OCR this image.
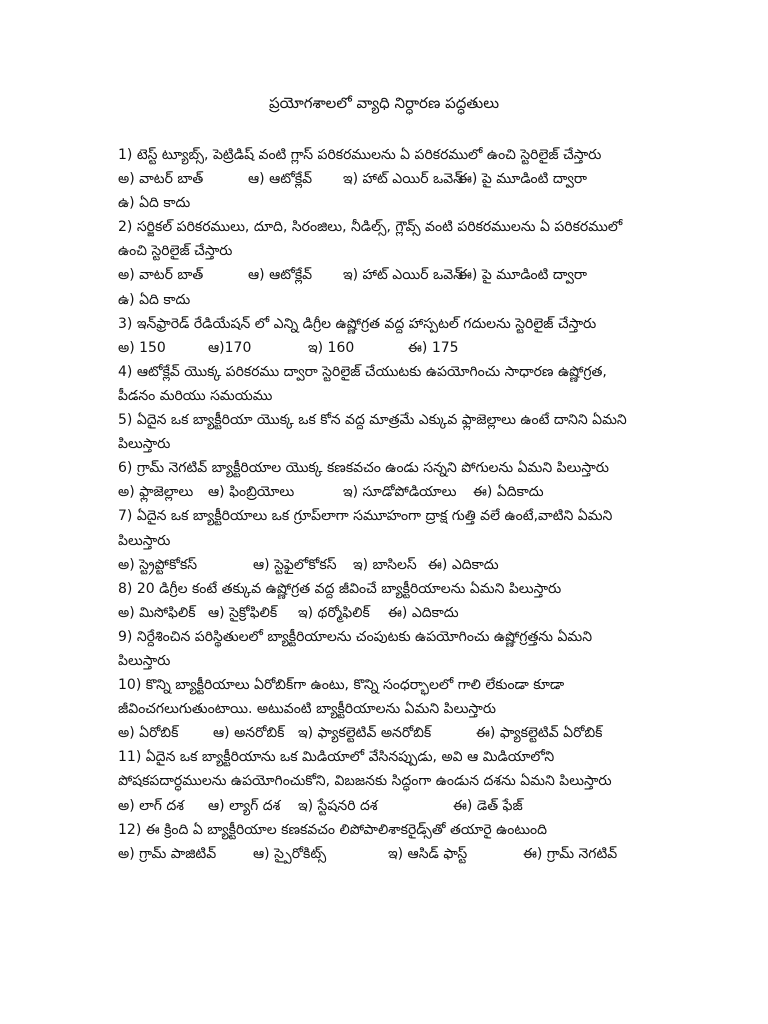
ప్రయోగశాలలో వ్యాధి నిర్ధారణ పద్ధతులు
1) టెస్ట్ ట్యూబ్స్, పెట్రిడిష్ వంటి గ్లాస్ పరికరములను ఏ పరికరములో ఉంచి స్టెరిలైజ్ చేస్తారు
అ) వాటర్ బాత్	ఆ) ఆటోక్లేవ్ ఇ) హాట్ ఎయిర్ ఒవెన్
ఈ) పై మూడింటి ద్వారా
ఉ) ఏది కాదు
2) సర్జికల్ పరికరములు, దూది, సిరంజిలు, నీడిల్స్, గ్లౌవ్స్ వంటి పరికరములను ఏ పరికరములో
ఉంచి స్టెరిలైజ్ చేస్తారు
అ) వాటర్ బాత్	ఆ) ఆటోక్లేవ్ ఇ) హాట్ ఎయిర్ ఒవెన్
ఈ) పై మూడింటి ద్వారా
ఉ) ఏది కాదు
3) ఇన్‌ఫ్రారెడ్ రేడియేషన్ లో ఎన్ని డిగ్రీల ఉష్ణోగ్రత వద్ద హాస్పటల్ గదులను స్టెరిలైజ్ చేస్తారు
అ) 150	ఆ)170	ఇ) 160	ఈ) 175
4) ఆటోక్లేవ్ యొక్క పరికరము ద్వారా స్టెరిలైజ్ చేయుటకు ఉపయోగించు సాధారణ ఉష్ణోగ్రత,
పీడనం మరియు సమయము
5) ఏదైన ఒక బ్యాక్టీరియా యొక్క ఒక కోన వద్ద మాత్రమే ఎక్కువ ఫ్లాజెల్లాలు ఉంటే దానిని ఏమని
పిలుస్తారు
6) గ్రామ్ నెగటివ్ బ్యాక్టీరియాల యొక్క కణకవచం ఉండు సన్నని పోగులను ఏమని పిలుస్తారు
అ) ఫ్లాజెల్లాలు ఆ) ఫింబ్రియోలు	ఇ) సూడోపోడియాలు ఈ) ఏదికాదు
7) ఏదైన ఒక బ్యాక్టీరియాలు ఒక గ్రూప్‌లాగా సమూహంగా ద్రాక్ష గుత్తి వలే ఉంటే,వాటిని ఏమని
పిలుస్తారు
అ) స్ట్రెప్టోకోకస్	ఆ) స్టెఫైలోకోకస్ ఇ) బాసిలస్ ఈ) ఎదికాదు
8) 20 డిగ్రీల కంటే తక్కువ ఉష్ణోగ్రత వద్ద జీవించే బ్యాక్టీరియాలను ఏమని పిలుస్తారు
అ) మిసోఫిలిక్ ఆ) సైక్రోఫిలిక్ ఇ) థర్మోఫిలిక్ ఈ) ఎదికాదు
9) నిర్దేశించిన పరిస్థితులలో బ్యాక్టీరియాలను చంపుటకు ఉపయోగించు ఉష్ణోగ్రత్తను ఏమని
పిలుస్తారు
10) కొన్ని బ్యాక్టీరియాలు ఏరోబిక్‌గా ఉంటు, కొన్ని సంధర్భాలలో గాలి లేకుండా కూడా
జీవించగలుగుతుంటాయి. అటువంటి బ్యాక్టీరియాలను ఏమని పిలుస్తారు
అ) ఏరోబిక్ ఆ) అనరోబిక్ ఇ) ఫ్యాకల్టెటివ్ అనరోబిక్	ఈ) ఫ్యాకల్టెటివ్ ఏరోబిక్
11) ఏదైన ఒక బ్యాక్టీరియాను ఒక మిడియాలో వేసినప్పుడు, అవి ఆ మిడియాలోని
పోషకపదార్ధములను ఉపయోగించుకోని, విబజనకు సిద్ధంగా ఉండున దశను ఏమని పిలుస్తారు
అ) లాగ్ దశ ఆ) ల్యాగ్ దశ ఇ) స్టేషనరి దశ	ఈ) డెత్ ఫేజ్
12) ఈ క్రింది ఏ బ్యాక్టీరియాల కణకవచం లిపోపాలిశాకరైడ్స్‌తో తయారై ఉంటుంది
అ) గ్రామ్ పాజిటివ్	ఆ) స్పైరోకిట్స్	ఇ) ఆసిడ్ ఫాస్ట్	ఈ) గ్రామ్ నెగటివ్
